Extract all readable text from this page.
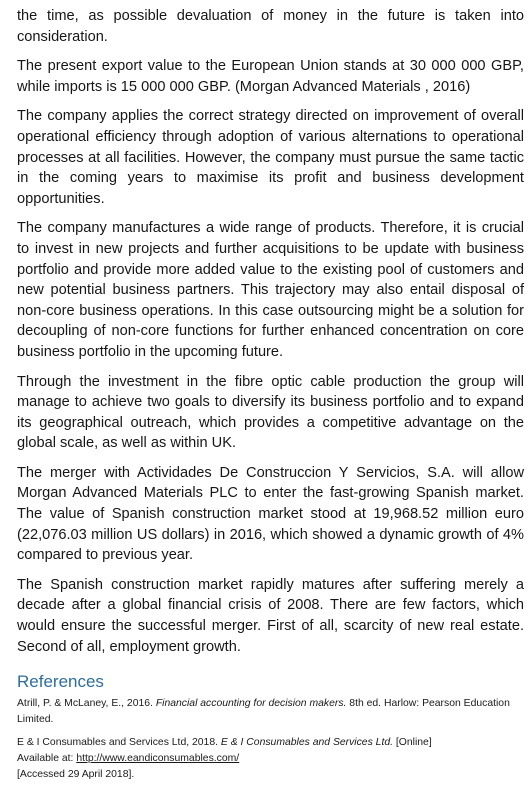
the time, as possible devaluation of money in the future is taken into consideration.

The present export value to the European Union stands at 30 000 000 GBP, while imports is 15 000 000 GBP. (Morgan Advanced Materials , 2016)

The company applies the correct strategy directed on improvement of overall operational efficiency through adoption of various alternations to operational processes at all facilities. However, the company must pursue the same tactic in the coming years to maximise its profit and business development opportunities.

The company manufactures a wide range of products. Therefore, it is crucial to invest in new projects and further acquisitions to be update with business portfolio and provide more added value to the existing pool of customers and new potential business partners. This trajectory may also entail disposal of non-core business operations. In this case outsourcing might be a solution for decoupling of non-core functions for further enhanced concentration on core business portfolio in the upcoming future.

Through the investment in the fibre optic cable production the group will manage to achieve two goals to diversify its business portfolio and to expand its geographical outreach, which provides a competitive advantage on the global scale, as well as within UK.

The merger with Actividades De Construccion Y Servicios, S.A. will allow Morgan Advanced Materials PLC to enter the fast-growing Spanish market. The value of Spanish construction market stood at 19,968.52 million euro (22,076.03 million US dollars) in 2016, which showed a dynamic growth of 4% compared to previous year.

The Spanish construction market rapidly matures after suffering merely a decade after a global financial crisis of 2008. There are few factors, which would ensure the successful merger. First of all, scarcity of new real estate. Second of all, employment growth.

References

Atrill, P. & McLaney, E., 2016. Financial accounting for decision makers. 8th ed. Harlow: Pearson Education Limited.

E & I Consumables and Services Ltd, 2018. E & I Consumables and Services Ltd. [Online]
Available at: http://www.eandiconsumables.com/
[Accessed 29 April 2018].
